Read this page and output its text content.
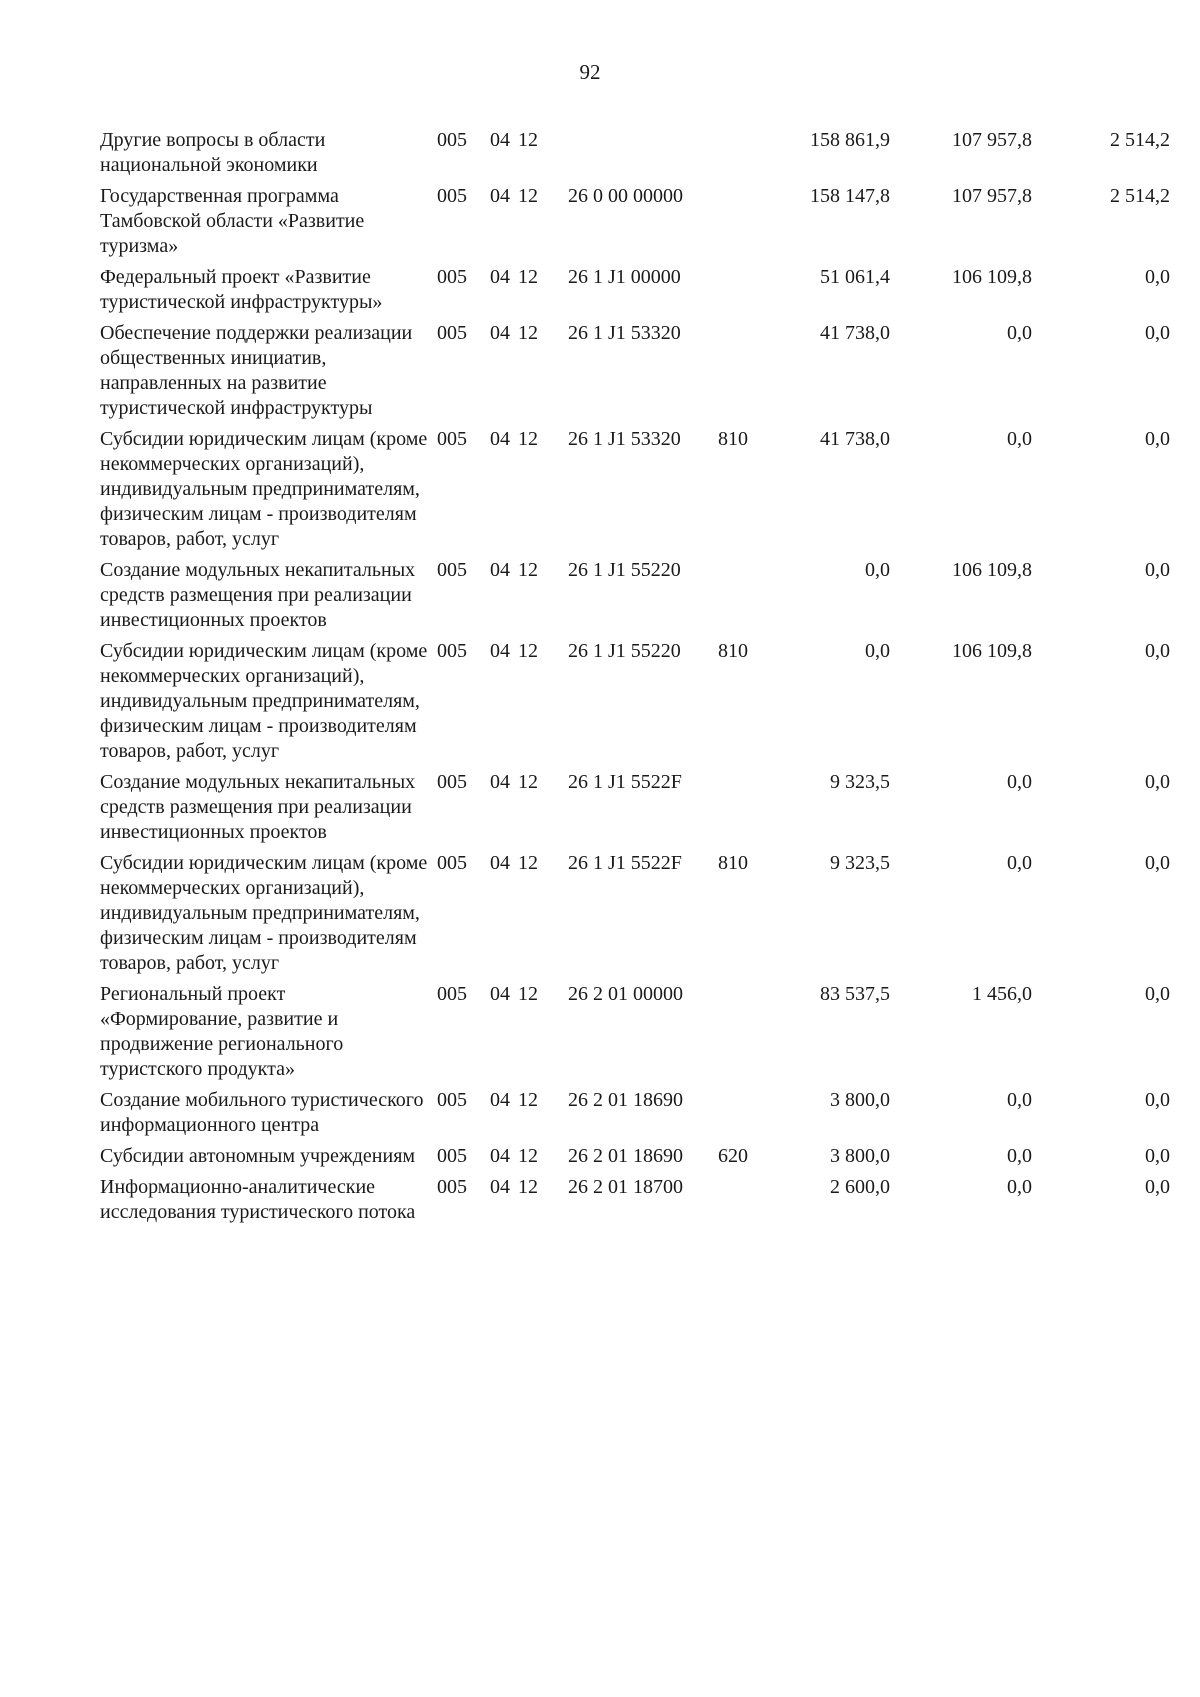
92
Другие вопросы в области национальной экономики
005 04 12	158 861,9	107 957,8	2 514,2
Государственная программа Тамбовской области «Развитие туризма»
005 04 12 26 0 00 00000	158 147,8	107 957,8	2 514,2
Федеральный проект «Развитие туристической инфраструктуры»
005 04 12 26 1 J1 00000	51 061,4	106 109,8	0,0
Обеспечение поддержки реализации общественных инициатив, направленных на развитие туристической инфраструктуры
005 04 12 26 1 J1 53320	41 738,0	0,0	0,0
Субсидии юридическим лицам (кроме некоммерческих организаций), индивидуальным предпринимателям, физическим лицам - производителям товаров, работ, услуг
005 04 12 26 1 J1 53320 810	41 738,0	0,0	0,0
Создание модульных некапитальных средств размещения при реализации инвестиционных проектов
005 04 12 26 1 J1 55220	0,0	106 109,8	0,0
Субсидии юридическим лицам (кроме некоммерческих организаций), индивидуальным предпринимателям, физическим лицам - производителям товаров, работ, услуг
005 04 12 26 1 J1 55220 810	0,0	106 109,8	0,0
Создание модульных некапитальных средств размещения при реализации инвестиционных проектов
005 04 12 26 1 J1 5522F	9 323,5	0,0	0,0
Субсидии юридическим лицам (кроме некоммерческих организаций), индивидуальным предпринимателям, физическим лицам - производителям товаров, работ, услуг
005 04 12 26 1 J1 5522F 810	9 323,5	0,0	0,0
Региональный проект «Формирование, развитие и продвижение регионального туристского продукта»
005 04 12 26 2 01 00000	83 537,5	1 456,0	0,0
Создание мобильного туристического информационного центра
005 04 12 26 2 01 18690	3 800,0	0,0	0,0
Субсидии автономным учреждениям	005 04 12 26 2 01 18690 620	3 800,0	0,0	0,0
Информационно-аналитические исследования туристического потока
005 04 12 26 2 01 18700	2 600,0	0,0	0,0
